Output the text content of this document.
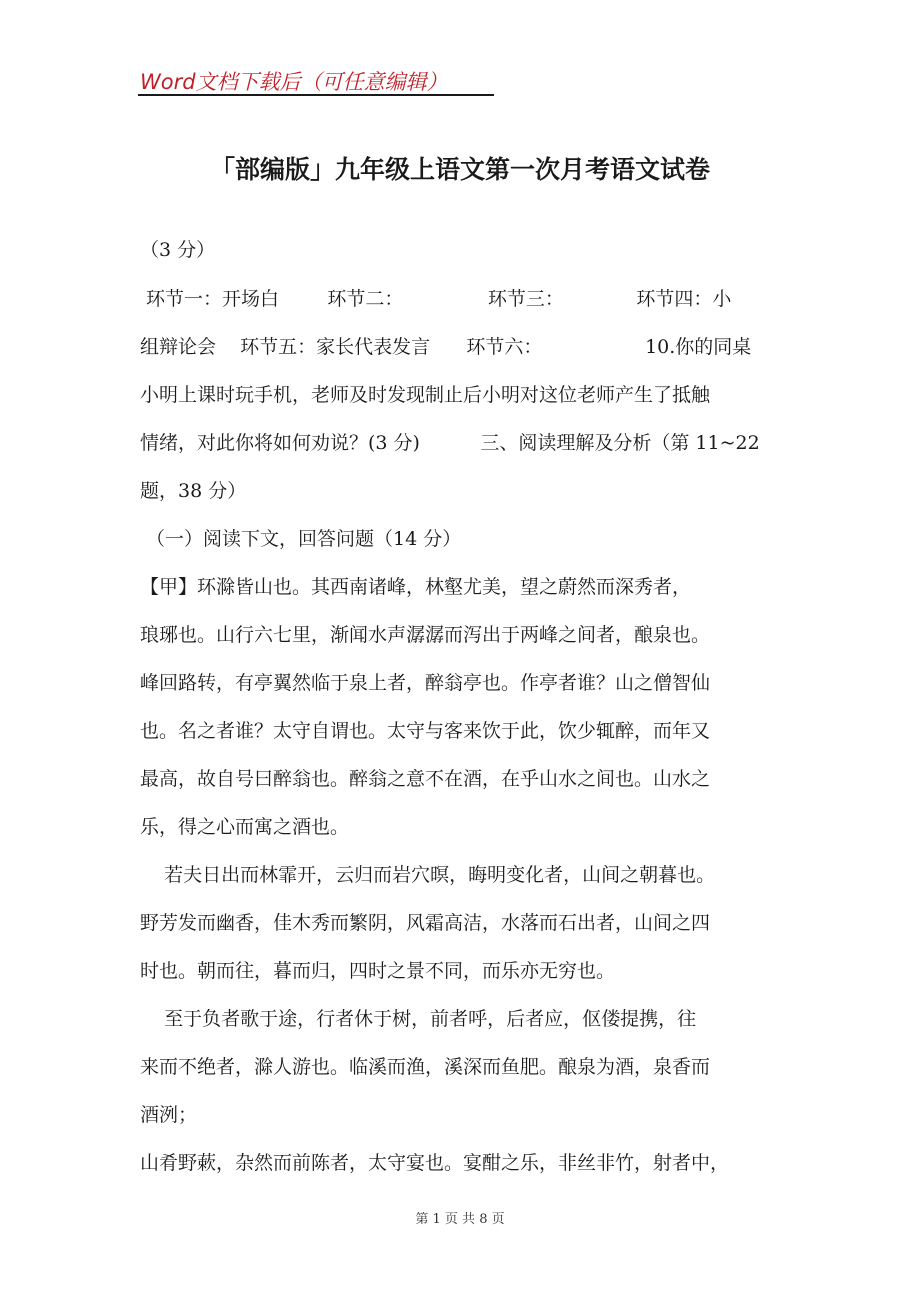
Word文档下载后（可任意编辑）
「部编版」九年级上语文第一次月考语文试卷
（3 分）
环节一：开场白        环节二：              环节三：            环节四：小
组辩论会    环节五：家长代表发言      环节六：                 10.你的同桌
小明上课时玩手机，老师及时发现制止后小明对这位老师产生了抵触
情绪，对此你将如何劝说？(3 分)          三、阅读理解及分析（第 11~22
题，38 分）
（一）阅读下文，回答问题（14 分）
【甲】环滁皆山也。其西南诸峰，林壑尤美，望之蔚然而深秀者，
琅琊也。山行六七里，渐闻水声潺潺而泻出于两峰之间者，酿泉也。
峰回路转，有亭翼然临于泉上者，醉翁亭也。作亭者谁？山之僧智仙
也。名之者谁？太守自谓也。太守与客来饮于此，饮少辄醉，而年又
最高，故自号曰醉翁也。醉翁之意不在酒，在乎山水之间也。山水之
乐，得之心而寓之酒也。
若夫日出而林霏开，云归而岩穴暝，晦明变化者，山间之朝暮也。
野芳发而幽香，佳木秀而繁阴，风霜高洁，水落而石出者，山间之四
时也。朝而往，暮而归，四时之景不同，而乐亦无穷也。
至于负者歌于途，行者休于树，前者呼，后者应，伛偻提携，往
来而不绝者，滁人游也。临溪而渔，溪深而鱼肥。酿泉为酒，泉香而
酒洌；
山肴野蔌，杂然而前陈者，太守宴也。宴酣之乐，非丝非竹，射者中，
第 1 页 共 8 页
